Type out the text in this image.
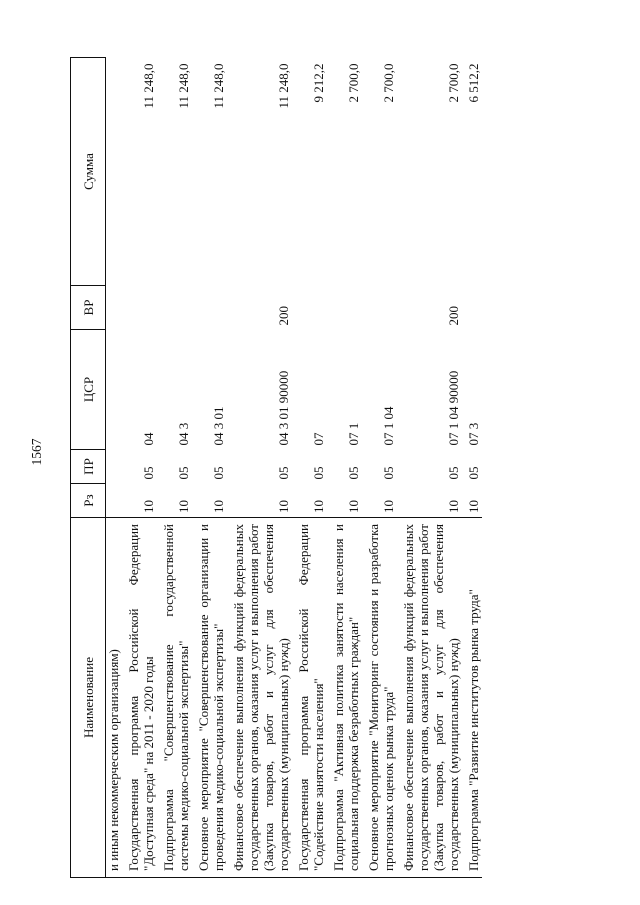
1567
Наименование	Рз	ПР	ЦСР	ВР	Сумма
и иным некоммерческим организациям)					
Государственная программа Российской Федерации "Доступная среда" на 2011 - 2020 годы	10	05	04		11 248,0
Подпрограмма "Совершенствование государственной системы медико-социальной экспертизы"	10	05	04 3		11 248,0
Основное мероприятие "Совершенствование организации и проведения медико-социальной экспертизы"	10	05	04 3 01		11 248,0
Финансовое обеспечение выполнения функций федеральных государственных органов, оказания услуг и выполнения работ (Закупка товаров, работ и услуг для обеспечения государственных (муниципальных) нужд)	10	05	04 3 01 90000	200	11 248,0
Государственная программа Российской Федерации "Содействие занятости населения"	10	05	07		9 212,2
Подпрограмма "Активная политика занятости населения и социальная поддержка безработных граждан"	10	05	07 1		2 700,0
Основное мероприятие "Мониторинг состояния и разработка прогнозных оценок рынка труда"	10	05	07 1 04		2 700,0
Финансовое обеспечение выполнения функций федеральных государственных органов, оказания услуг и выполнения работ (Закупка товаров, работ и услуг для обеспечения государственных (муниципальных) нужд)	10	05	07 1 04 90000	200	2 700,0
Подпрограмма "Развитие институтов рынка труда"	10	05	07 3		6 512,2
